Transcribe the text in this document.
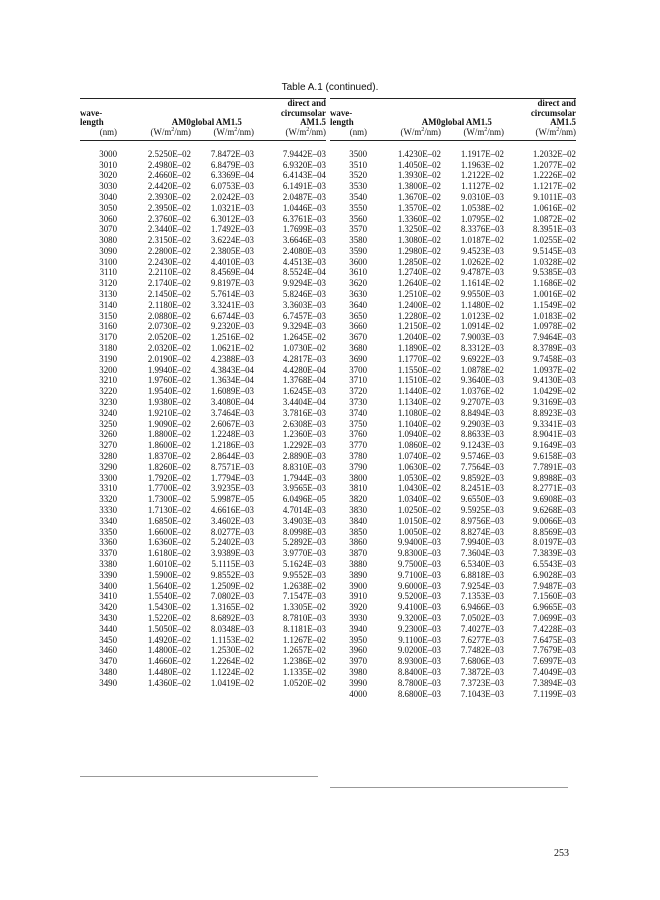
Table A.1 (continued).
wave-
length	AM0	global AM1.5	direct and
circumsolar
AM1.5
(nm)	$(W/m^2/nm)$	$(W/m^2/nm)$	$(W/m^2/nm)$

3000	2.5250E–02	7.8472E–03	7.9442E–03
3010	2.4980E–02	6.8479E–03	6.9320E–03
3020	2.4660E–02	6.3369E–04	6.4143E–04
3030	2.4420E–02	6.0753E–03	6.1491E–03
3040	2.3930E–02	2.0242E–03	2.0487E–03
3050	2.3950E–02	1.0321E–03	1.0446E–03
3060	2.3760E–02	6.3012E–03	6.3761E–03
3070	2.3440E–02	1.7492E–03	1.7699E–03
3080	2.3150E–02	3.6224E–03	3.6646E–03
3090	2.2800E–02	2.3805E–03	2.4080E–03
3100	2.2430E–02	4.4010E–03	4.4513E–03
3110	2.2110E–02	8.4569E–04	8.5524E–04
3120	2.1740E–02	9.8197E–03	9.9294E–03
3130	2.1450E–02	5.7614E–03	5.8246E–03
3140	2.1180E–02	3.3241E–03	3.3603E–03
3150	2.0880E–02	6.6744E–03	6.7457E–03
3160	2.0730E–02	9.2320E–03	9.3294E–03
3170	2.0520E–02	1.2516E–02	1.2645E–02
3180	2.0320E–02	1.0621E–02	1.0730E–02
3190	2.0190E–02	4.2388E–03	4.2817E–03
3200	1.9940E–02	4.3843E–04	4.4280E–04
3210	1.9760E–02	1.3634E–04	1.3768E–04
3220	1.9540E–02	1.6089E–03	1.6245E–03
3230	1.9380E–02	3.4080E–04	3.4404E–04
3240	1.9210E–02	3.7464E–03	3.7816E–03
3250	1.9090E–02	2.6067E–03	2.6308E–03
3260	1.8800E–02	1.2248E–03	1.2360E–03
3270	1.8600E–02	1.2186E–03	1.2292E–03
3280	1.8370E–02	2.8644E–03	2.8890E–03
3290	1.8260E–02	8.7571E–03	8.8310E–03
3300	1.7920E–02	1.7794E–03	1.7944E–03
3310	1.7700E–02	3.9235E–03	3.9565E–03
3320	1.7300E–02	5.9987E–05	6.0496E–05
3330	1.7130E–02	4.6616E–03	4.7014E–03
3340	1.6850E–02	3.4602E–03	3.4903E–03
3350	1.6600E–02	8.0277E–03	8.0998E–03
3360	1.6360E–02	5.2402E–03	5.2892E–03
3370	1.6180E–02	3.9389E–03	3.9770E–03
3380	1.6010E–02	5.1115E–03	5.1624E–03
3390	1.5900E–02	9.8552E–03	9.9552E–03
3400	1.5640E–02	1.2509E–02	1.2638E–02
3410	1.5540E–02	7.0802E–03	7.1547E–03
3420	1.5430E–02	1.3165E–02	1.3305E–02
3430	1.5220E–02	8.6892E–03	8.7810E–03
3440	1.5050E–02	8.0348E–03	8.1181E–03
3450	1.4920E–02	1.1153E–02	1.1267E–02
3460	1.4800E–02	1.2530E–02	1.2657E–02
3470	1.4660E–02	1.2264E–02	1.2386E–02
3480	1.4480E–02	1.1224E–02	1.1335E–02
3490	1.4360E–02	1.0419E–02	1.0520E–02
wave-
length	AM0	global AM1.5	direct and
circumsolar
AM1.5
(nm)	$(W/m^2/nm)$	$(W/m^2/nm)$	$(W/m^2/nm)$

3500	1.4230E–02	1.1917E–02	1.2032E–02
3510	1.4050E–02	1.1963E–02	1.2077E–02
3520	1.3930E–02	1.2122E–02	1.2226E–02
3530	1.3800E–02	1.1127E–02	1.1217E–02
3540	1.3670E–02	9.0310E–03	9.1011E–03
3550	1.3570E–02	1.0538E–02	1.0616E–02
3560	1.3360E–02	1.0795E–02	1.0872E–02
3570	1.3250E–02	8.3376E–03	8.3951E–03
3580	1.3080E–02	1.0187E–02	1.0255E–02
3590	1.2980E–02	9.4523E–03	9.5145E–03
3600	1.2850E–02	1.0262E–02	1.0328E–02
3610	1.2740E–02	9.4787E–03	9.5385E–03
3620	1.2640E–02	1.1614E–02	1.1686E–02
3630	1.2510E–02	9.9550E–03	1.0016E–02
3640	1.2400E–02	1.1480E–02	1.1549E–02
3650	1.2280E–02	1.0123E–02	1.0183E–02
3660	1.2150E–02	1.0914E–02	1.0978E–02
3670	1.2040E–02	7.9003E–03	7.9464E–03
3680	1.1890E–02	8.3312E–03	8.3789E–03
3690	1.1770E–02	9.6922E–03	9.7458E–03
3700	1.1550E–02	1.0878E–02	1.0937E–02
3710	1.1510E–02	9.3640E–03	9.4130E–03
3720	1.1440E–02	1.0376E–02	1.0429E–02
3730	1.1340E–02	9.2707E–03	9.3169E–03
3740	1.1080E–02	8.8494E–03	8.8923E–03
3750	1.1040E–02	9.2903E–03	9.3341E–03
3760	1.0940E–02	8.8633E–03	8.9041E–03
3770	1.0860E–02	9.1243E–03	9.1649E–03
3780	1.0740E–02	9.5746E–03	9.6158E–03
3790	1.0630E–02	7.7564E–03	7.7891E–03
3800	1.0530E–02	9.8592E–03	9.8988E–03
3810	1.0430E–02	8.2451E–03	8.2771E–03
3820	1.0340E–02	9.6550E–03	9.6908E–03
3830	1.0250E–02	9.5925E–03	9.6268E–03
3840	1.0150E–02	8.9756E–03	9.0066E–03
3850	1.0050E–02	8.8274E–03	8.8569E–03
3860	9.9400E–03	7.9940E–03	8.0197E–03
3870	9.8300E–03	7.3604E–03	7.3839E–03
3880	9.7500E–03	6.5340E–03	6.5543E–03
3890	9.7100E–03	6.8818E–03	6.9028E–03
3900	9.6000E–03	7.9254E–03	7.9487E–03
3910	9.5200E–03	7.1353E–03	7.1560E–03
3920	9.4100E–03	6.9466E–03	6.9665E–03
3930	9.3200E–03	7.0502E–03	7.0699E–03
3940	9.2300E–03	7.4027E–03	7.4228E–03
3950	9.1100E–03	7.6277E–03	7.6475E–03
3960	9.0200E–03	7.7482E–03	7.7679E–03
3970	8.9300E–03	7.6806E–03	7.6997E–03
3980	8.8400E–03	7.3872E–03	7.4049E–03
3990	8.7800E–03	7.3723E–03	7.3894E–03
4000	8.6800E–03	7.1043E–03	7.1199E–03
253
